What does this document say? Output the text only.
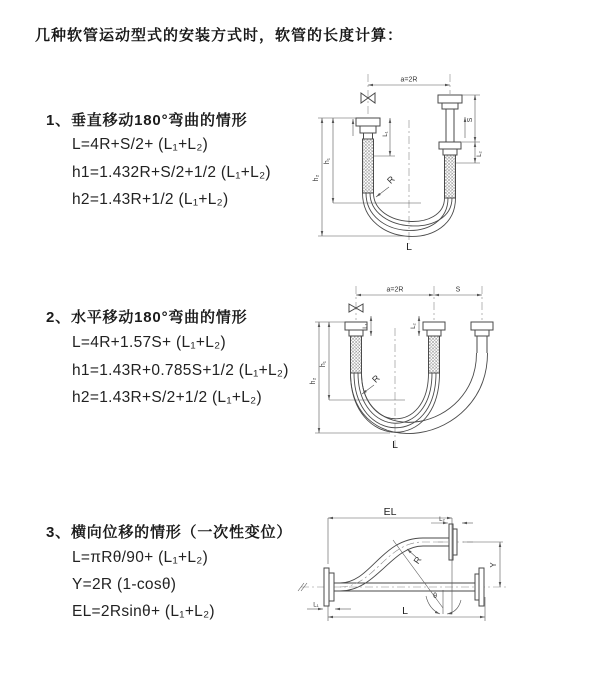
几种软管运动型式的安装方式时，软管的长度计算：
1、垂直移动180°弯曲的情形
L=4R+S/2+ (L₁+L₂)
h1=1.432R+S/2+1/2 (L₁+L₂)
h2=1.43R+1/2 (L₁+L₂)
a=2R
h₁
h₂
L₁
S
L₂
R
L
2、水平移动180°弯曲的情形
L=4R+1.57S+ (L₁+L₂)
h1=1.43R+0.785S+1/2 (L₁+L₂)
h2=1.43R+S/2+1/2 (L₁+L₂)
a=2R	S
h₁
h₂
L₁	L₂
R
L
3、横向位移的情形（一次性变位）
L=πRθ/90+ (L₁+L₂)
Y=2R (1-cosθ)
EL=2Rsinθ+ (L₁+L₂)
θ
R
EL
L₂
Y
L₁	L
